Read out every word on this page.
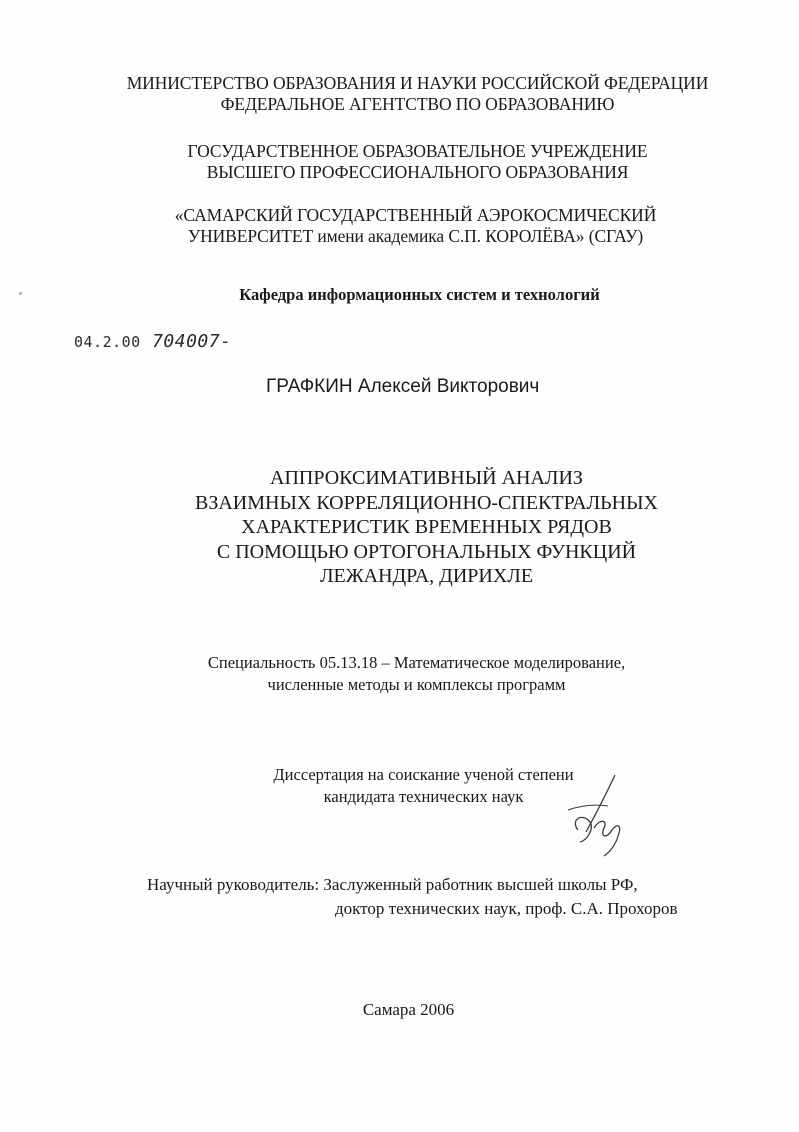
МИНИСТЕРСТВО ОБРАЗОВАНИЯ И НАУКИ РОССИЙСКОЙ ФЕДЕРАЦИИ
ФЕДЕРАЛЬНОЕ АГЕНТСТВО ПО ОБРАЗОВАНИЮ
ГОСУДАРСТВЕННОЕ ОБРАЗОВАТЕЛЬНОЕ УЧРЕЖДЕНИЕ
ВЫСШЕГО ПРОФЕССИОНАЛЬНОГО ОБРАЗОВАНИЯ
«САМАРСКИЙ ГОСУДАРСТВЕННЫЙ АЭРОКОСМИЧЕСКИЙ
УНИВЕРСИТЕТ имени академика С.П. КОРОЛЁВА» (СГАУ)
Кафедра информационных систем и технологий
04.2.00 704007-
ГРАФКИН Алексей Викторович
АППРОКСИМАТИВНЫЙ АНАЛИЗ
ВЗАИМНЫХ КОРРЕЛЯЦИОННО-СПЕКТРАЛЬНЫХ
ХАРАКТЕРИСТИК ВРЕМЕННЫХ РЯДОВ
С ПОМОЩЬЮ ОРТОГОНАЛЬНЫХ ФУНКЦИЙ
ЛЕЖАНДРА, ДИРИХЛЕ
Специальность 05.13.18 – Математическое моделирование,
численные методы и комплексы программ
Диссертация на соискание ученой степени
кандидата технических наук
Научный руководитель: Заслуженный работник высшей школы РФ,
доктор технических наук, проф. С.А. Прохоров
Самара 2006
